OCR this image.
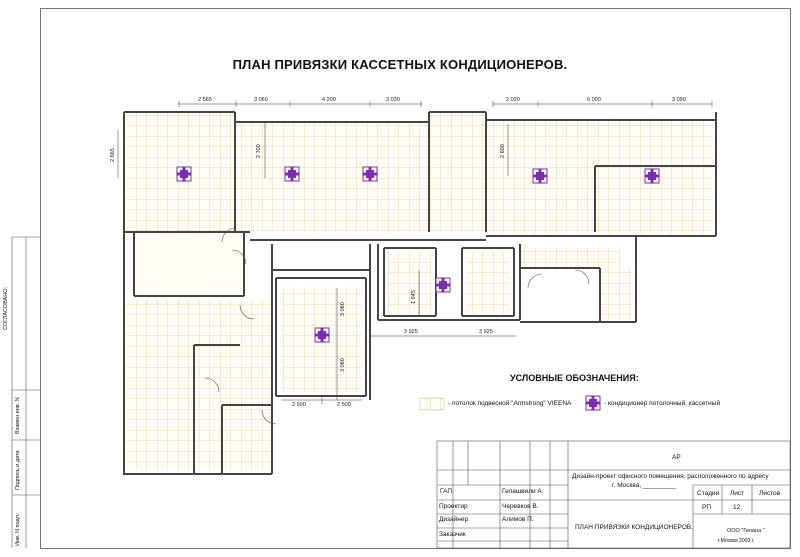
ПЛАН ПРИВЯЗКИ КАССЕТНЫХ КОНДИЦИОНЕРОВ.
2 565	3 060	4 200	3 030	2 020	6 000	3 090
2 665	2 700	2 600
3 080
3 080
1 945
3 925	3 925
2 500	2 500
УСЛОВНЫЕ ОБОЗНАЧЕНИЯ:
- потолок подвесной "Armstrong" VIEENA	- кондиционер потолочный, кассетный
СОГЛАСОВАНО:
Взамен инв. N
Подпись и дата
Инв. N подл.
АР
Дизайн-проект офисного помещения, расположенного по адресу
г. Москва, _________
Стадия Лист Листов
РП	12
ГАП	Гелашвили А.
Проектир	Черевков В.
Дизайнер	Алимов П.
Заказчик
ПЛАН ПРИВЯЗКИ КОНДИЦИОНЕРОВ.	ООО "Гелана "
г.Москва 2009 г.
